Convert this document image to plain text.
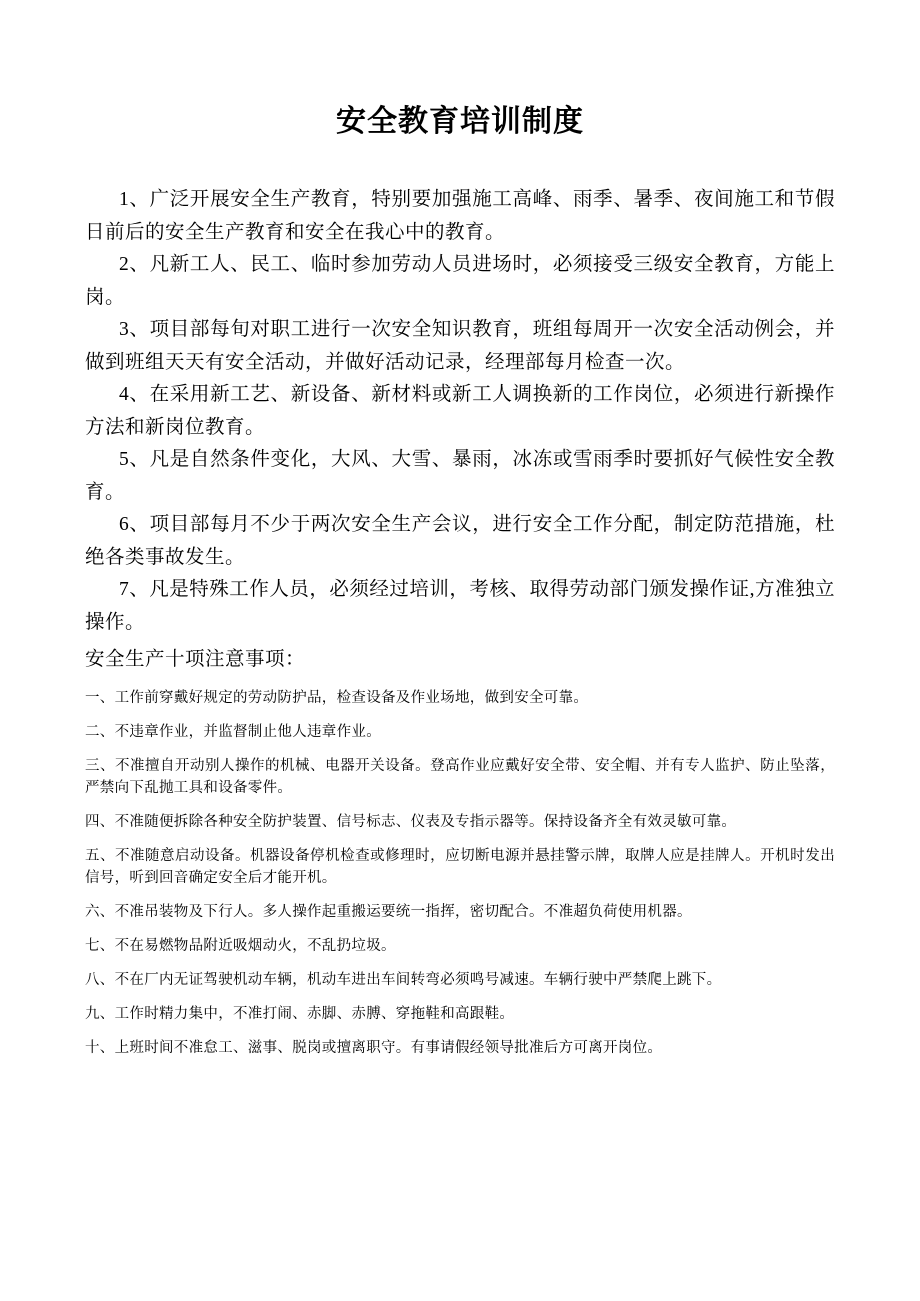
安全教育培训制度

1、广泛开展安全生产教育，特别要加强施工高峰、雨季、暑季、夜间施工和节假日前后的安全生产教育和安全在我心中的教育。

2、凡新工人、民工、临时参加劳动人员进场时，必须接受三级安全教育，方能上岗。

3、项目部每旬对职工进行一次安全知识教育，班组每周开一次安全活动例会，并做到班组天天有安全活动，并做好活动记录，经理部每月检查一次。

4、在采用新工艺、新设备、新材料或新工人调换新的工作岗位，必须进行新操作方法和新岗位教育。

5、凡是自然条件变化，大风、大雪、暴雨，冰冻或雪雨季时要抓好气候性安全教育。

6、项目部每月不少于两次安全生产会议，进行安全工作分配，制定防范措施，杜绝各类事故发生。

7、凡是特殊工作人员，必须经过培训，考核、取得劳动部门颁发操作证,方准独立操作。

安全生产十项注意事项：

一、工作前穿戴好规定的劳动防护品，检查设备及作业场地，做到安全可靠。

二、不违章作业，并监督制止他人违章作业。

三、不准擅自开动别人操作的机械、电器开关设备。登高作业应戴好安全带、安全帽、并有专人监护、防止坠落，严禁向下乱抛工具和设备零件。

四、不准随便拆除各种安全防护装置、信号标志、仪表及专指示器等。保持设备齐全有效灵敏可靠。

五、不准随意启动设备。机器设备停机检查或修理时，应切断电源并悬挂警示牌，取牌人应是挂牌人。开机时发出信号，听到回音确定安全后才能开机。

六、不准吊装物及下行人。多人操作起重搬运要统一指挥，密切配合。不准超负荷使用机器。

七、不在易燃物品附近吸烟动火，不乱扔垃圾。

八、不在厂内无证驾驶机动车辆，机动车进出车间转弯必须鸣号减速。车辆行驶中严禁爬上跳下。

九、工作时精力集中，不准打闹、赤脚、赤膊、穿拖鞋和高跟鞋。

十、上班时间不准怠工、滋事、脱岗或擅离职守。有事请假经领导批准后方可离开岗位。
